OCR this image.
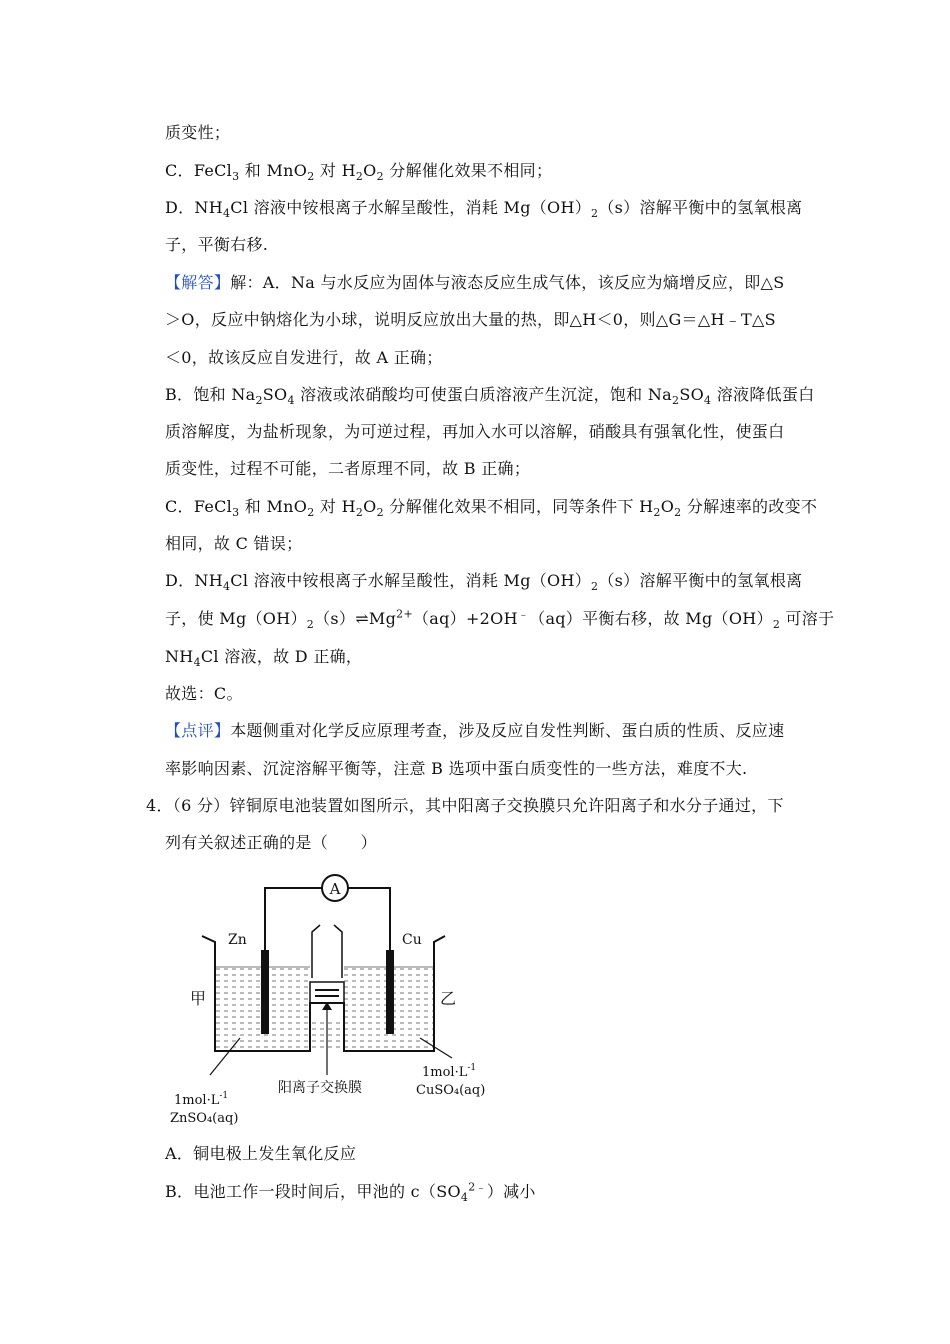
质变性；
C．FeCl$_3$ 和 MnO$_2$ 对 $H_2O_2$ 分解催化效果不相同；
D．$NH_4Cl$ 溶液中铵根离子水解呈酸性，消耗 $Mg(OH)_2(s)$溶解平衡中的氢氧根离
子，平衡右移.
【解答】解：A．Na 与水反应为固体与液态反应生成气体，该反应为熵增反应，即△S
＞O，反应中钠熔化为小球，说明反应放出大量的热，即△H＜0，则△G＝△H﹣T△S
＜0，故该反应自发进行，故 A 正确；
B．饱和 $Na_2SO_4$ 溶液或浓硝酸均可使蛋白质溶液产生沉淀，饱和 $Na_2SO_4$ 溶液降低蛋白
质溶解度，为盐析现象，为可逆过程，再加入水可以溶解，硝酸具有强氧化性，使蛋白
质变性，过程不可能，二者原理不同，故 B 正确；
C．FeCl$_3$ 和 MnO$_2$ 对 $H_2O_2$ 分解催化效果不相同，同等条件下 $H_2O_2$ 分解速率的改变不
相同，故 C 错误；
D．$NH_4Cl$ 溶液中铵根离子水解呈酸性，消耗 $Mg(OH)_2(s)$溶解平衡中的氢氧根离
子，使 $Mg(OH)_2(s)\rightleftharpoons Mg^{2+}(aq)+2OH^﹣(aq)$平衡右移，故 $Mg(OH)_2$ 可溶于
$NH_4Cl$ 溶液，故 D 正确，
故选：C。
【点评】本题侧重对化学反应原理考查，涉及反应自发性判断、蛋白质的性质、反应速
率影响因素、沉淀溶解平衡等，注意 B 选项中蛋白质变性的一些方法，难度不大.
4．（6 分）锌铜原电池装置如图所示，其中阳离子交换膜只允许阳离子和水分子通过，下
列有关叙述正确的是（　　）
A
Zn	Cu
甲	乙
$1mol\cdot L^{-1}$
ZnSO₄(aq)
阳离子交换膜
$1mol\cdot L^{-1}$
CuSO₄(aq)
A．铜电极上发生氧化反应
B．电池工作一段时间后，甲池的 $c(SO_4^{2﹣})$减小
